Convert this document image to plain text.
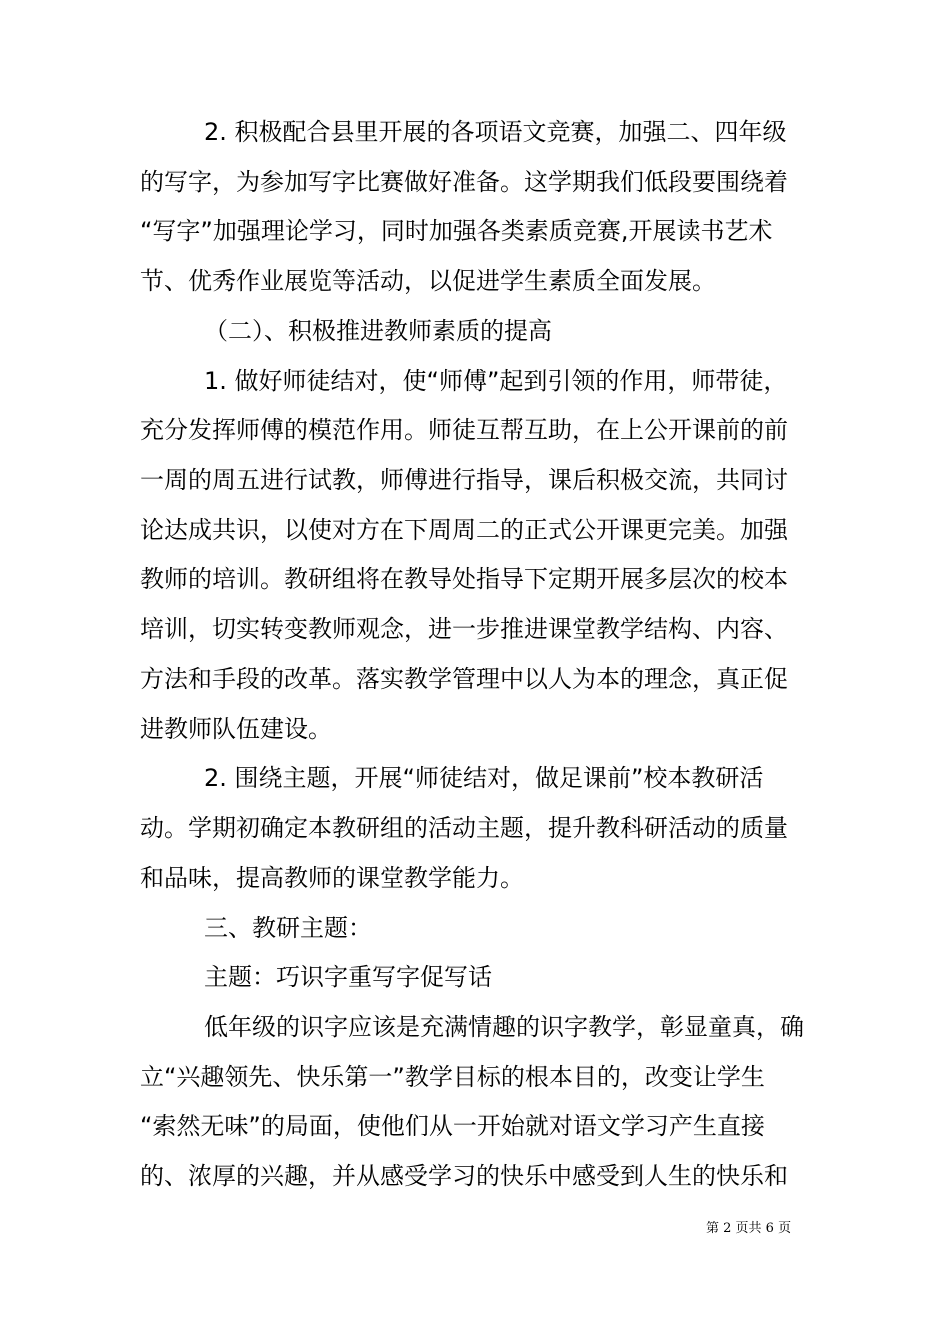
2. 积极配合县里开展的各项语文竞赛，加强二、四年级
的写字，为参加写字比赛做好准备。这学期我们低段要围绕着
“写字”加强理论学习，同时加强各类素质竞赛,开展读书艺术
节、优秀作业展览等活动，以促进学生素质全面发展。
（二）、积极推进教师素质的提高
1. 做好师徒结对，使“师傅”起到引领的作用，师带徒，
充分发挥师傅的模范作用。师徒互帮互助，在上公开课前的前
一周的周五进行试教，师傅进行指导，课后积极交流，共同讨
论达成共识，以使对方在下周周二的正式公开课更完美。加强
教师的培训。教研组将在教导处指导下定期开展多层次的校本
培训，切实转变教师观念，进一步推进课堂教学结构、内容、
方法和手段的改革。落实教学管理中以人为本的理念，真正促
进教师队伍建设。
2. 围绕主题，开展“师徒结对，做足课前”校本教研活
动。学期初确定本教研组的活动主题，提升教科研活动的质量
和品味，提高教师的课堂教学能力。
三、教研主题：
主题：巧识字重写字促写话
低年级的识字应该是充满情趣的识字教学，彰显童真，确
立“兴趣领先、快乐第一”教学目标的根本目的，改变让学生
“索然无味”的局面，使他们从一开始就对语文学习产生直接
的、浓厚的兴趣，并从感受学习的快乐中感受到人生的快乐和
第 2 页共 6 页
